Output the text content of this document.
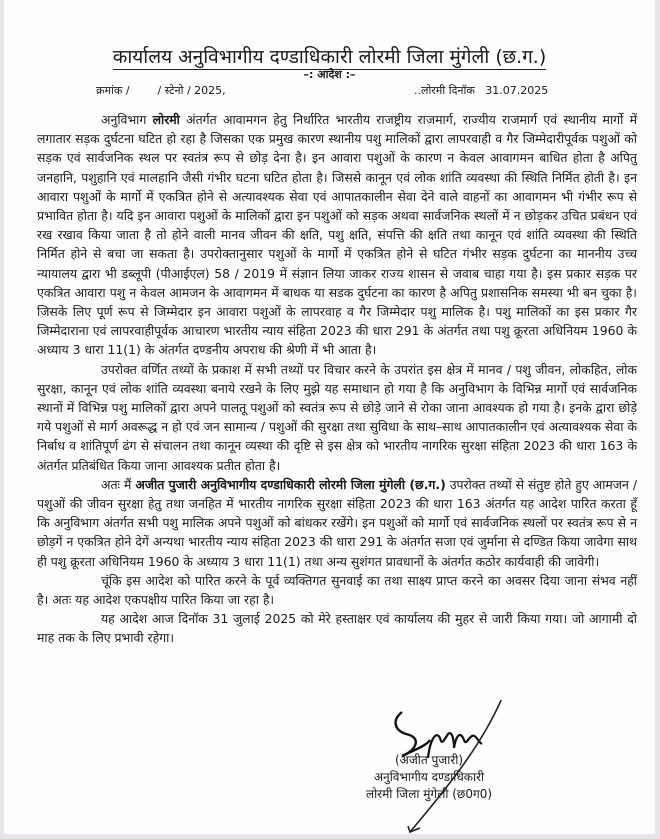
कार्यालय अनुविभागीय दण्डाधिकारी लोरमी जिला मुंगेली (छ.ग.)
–: आदेश :–
क्रमांक /        / स्टेनो / 2025,	..लोरमी दिनॉक   31.07.2025

अनुविभाग लोरमी अंतर्गत आवामगन हेतु निर्धारित भारतीय राजष्ट्रीय राजमार्ग, राज्यीय राजमार्ग एवं स्थानीय मार्गो में लगातार सड़क दुर्घटना घटित हो रहा है जिसका एक प्रमुख कारण स्थानीय पशु मालिकों द्वारा लापरवाही व गैर जिम्मेदारीपूर्वक पशुओं को सड़क एवं सार्वजनिक स्थल पर स्वतंत्र रूप से छोड़ देना है। इन आवारा पशुओं के कारण न केवल आवागमन बाधित होता है अपितु जनहानि, पशुहानि एवं मालहानि जैसी गंभीर घटना घटित होता है। जिससे कानून एवं लोक शांति व्यवस्था की स्थिति निर्मित होती है। इन आवारा पशुओं के मार्गो में एकत्रित होने से अत्यावश्यक सेवा एवं आपातकालीन सेवा देने वाले वाहनों का आवागमन भी गंभीर रूप से प्रभावित होता है। यदि इन आवारा पशुओं के मालिकों द्वारा इन पशुओं को सड़क अथवा सार्वजनिक स्थलों में न छोड़कर उचित प्रबंधन एवं रख रखाव किया जाता है तो होने वाली मानव जीवन की क्षति, पशु क्षति, संपत्ति की क्षति तथा कानून एवं शांति व्यवस्था की स्थिति निर्मित होने से बचा जा सकता है। उपरोक्तानुसार पशुओं के मार्गो में एकत्रित होने से घटित गंभीर सड़क दुर्घटना का माननीय उच्च न्यायालय द्वारा भी डब्लूपी (पीआईएल) 58 / 2019 में संज्ञान लिया जाकर राज्य शासन से जवाब चाहा गया है। इस प्रकार सड़क पर एकत्रित आवारा पशु न केवल आमजन के आवागमन में बाधक या सडक दुर्घटना का कारण है अपितु प्रशासनिक समस्या भी बन चुका है। जिसके लिए पूर्ण रूप से जिम्मेदार इन आवारा पशुओं के लापरवाह व गैर जिम्मेदार पशु मालिक है। पशु मालिकों का इस प्रकार गैर जिम्मेदाराना एवं लापरवाहीपूर्वक आचारण भारतीय न्याय संहिता 2023 की धारा 291 के अंतर्गत तथा पशु क्रूरता अधिनियम 1960 के अध्याय 3 धारा 11(1) के अंतर्गत दण्डनीय अपराध की श्रेणी में भी आता है।

उपरोक्त वर्णित तथ्यों के प्रकाश में सभी तथ्यों पर विचार करने के उपरांत इस क्षेत्र में मानव / पशु जीवन, लोकहित, लोक सुरक्षा, कानून एवं लोक शांति व्यवस्था बनाये रखने के लिए मुझे यह समाधान हो गया है कि अनुविभाग के विभिन्न मार्गो एवं सार्वजनिक स्थानों में विभिन्न पशु मालिकों द्वारा अपने पालतू पशुओं को स्वतंत्र रूप से छोड़े जाने से रोका जाना आवश्यक हो गया है। इनके द्वारा छोड़े गये पशुओं से मार्ग अवरूद्ध न हो एवं जन सामान्य / पशुओं की सुरक्षा तथा सुविधा के साथ–साथ आपातकालीन एवं अत्यावश्यक सेवा के निर्बाध व शांतिपूर्ण ढंग से संचालन तथा कानून व्यस्था की दृष्टि से इस क्षेत्र को भारतीय नागरिक सुरक्षा संहिता 2023 की धारा 163 के अंतर्गत प्रतिबंधित किया जाना आवश्यक प्रतीत होता है।

अतः मैं अजीत पुजारी अनुविभागीय दण्डाधिकारी लोरमी जिला मुंगेली (छ.ग.) उपरोक्त तथ्यों से संतुष्ट होते हुए आमजन / पशुओं की जीवन सुरक्षा हेतु तथा जनहित में भारतीय नागरिक सुरक्षा संहिता 2023 की धारा 163 अंतर्गत यह आदेश पारित करता हूँ कि अनुविभाग अंतर्गत सभी पशु मालिक अपने पशुओं को बांधकर रखेंगे। इन पशुओं को मार्गो एवं सार्वजनिक स्थलों पर स्वतंत्र रूप से न छोड़गें न एकत्रित होने देगें अन्यथा भारतीय न्याय संहिता 2023 की धारा 291 के अंतर्गत सजा एवं जुर्माना से दण्डित किया जावेगा साथ ही पशु क्रूरता अधिनियम 1960 के अध्याय 3 धारा 11(1) तथा अन्य सुशंगत प्रावधानों के अंतर्गत कठोर कार्यवाही की जावेगी।

चूंकि इस आदेश को पारित करने के पूर्व व्यक्तिगत सुनवाई का तथा साक्ष्य प्राप्त करने का अवसर दिया जाना संभव नहीं है। अतः यह आदेश एकपक्षीय पारित किया जा रहा है।

यह आदेश आज दिनॉक 31 जुलाई 2025 को मेरे हस्ताक्षर एवं कार्यालय की मुहर से जारी किया गया। जो आगामी दो माह तक के लिए प्रभावी रहेगा।

(अजीत पुजारी)
अनुविभागीय दण्डाधिकारी
लोरमी जिला मुंगेली (छ0ग0)
